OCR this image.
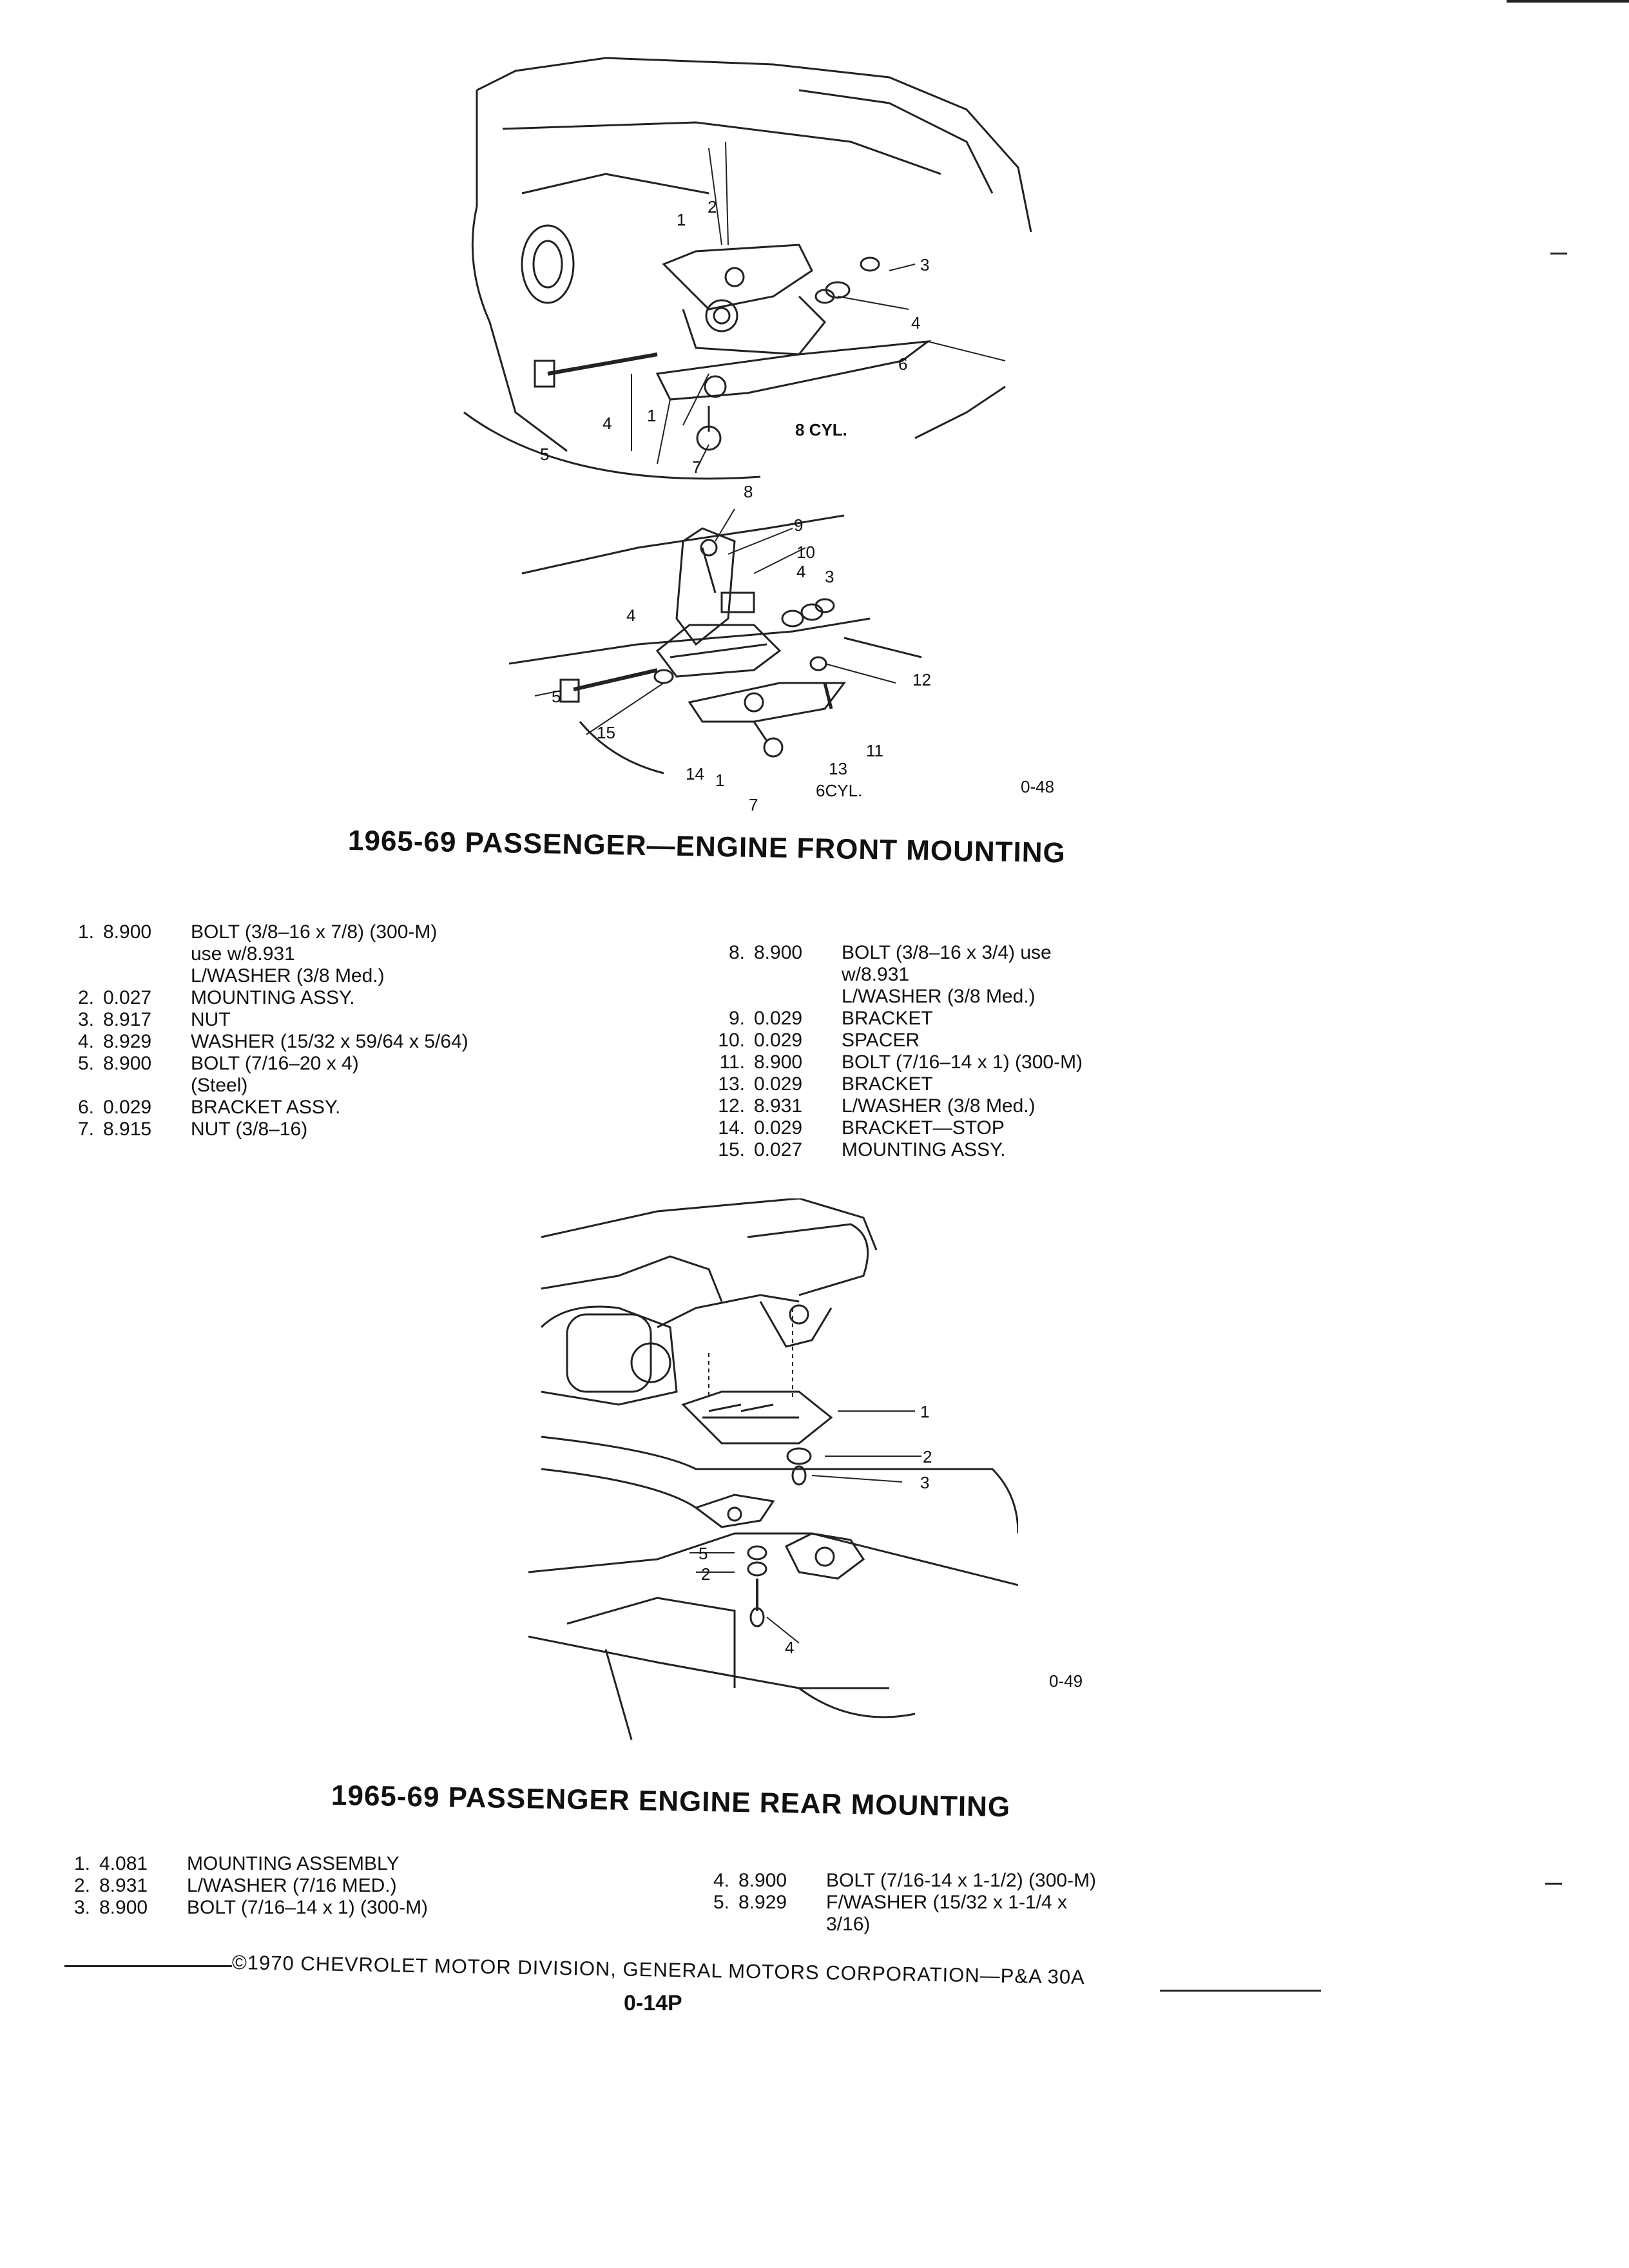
1
2
3
4
4
6
1
7
5
8 CYL.
8
9
10
4 3
4
12
5
15
14 1
13
11
7
6CYL.	0-48
1965-69 PASSENGER—ENGINE FRONT MOUNTING
1. 8.900	BOLT (3/8–16 x 7/8) (300-M)
use w/8.931
L/WASHER (3/8 Med.)
2. 0.027	MOUNTING ASSY.
3. 8.917	NUT
4. 8.929	WASHER (15/32 x 59/64 x 5/64)
5. 8.900	BOLT (7/16–20 x 4)
(Steel)
6. 0.029	BRACKET ASSY.
7. 8.915	NUT (3/8–16)
8. 8.900	BOLT (3/8–16 x 3/4) use
w/8.931
L/WASHER (3/8 Med.)
9. 0.029	BRACKET
10. 0.029	SPACER
11. 8.900	BOLT (7/16–14 x 1) (300-M)
13. 0.029	BRACKET
12. 8.931	L/WASHER (3/8 Med.)
14. 0.029	BRACKET—STOP
15. 0.027	MOUNTING ASSY.
1
2
3
5
2
4
0-49
1965-69 PASSENGER ENGINE REAR MOUNTING
1. 4.081	MOUNTING ASSEMBLY
2. 8.931	L/WASHER (7/16 MED.)
3. 8.900	BOLT (7/16–14 x 1) (300-M)
4. 8.900	BOLT (7/16-14 x 1-1/2) (300-M)
5. 8.929	F/WASHER (15/32 x 1-1/4 x
3/16)
©1970 CHEVROLET MOTOR DIVISION, GENERAL MOTORS CORPORATION—P&A 30A
0-14P
